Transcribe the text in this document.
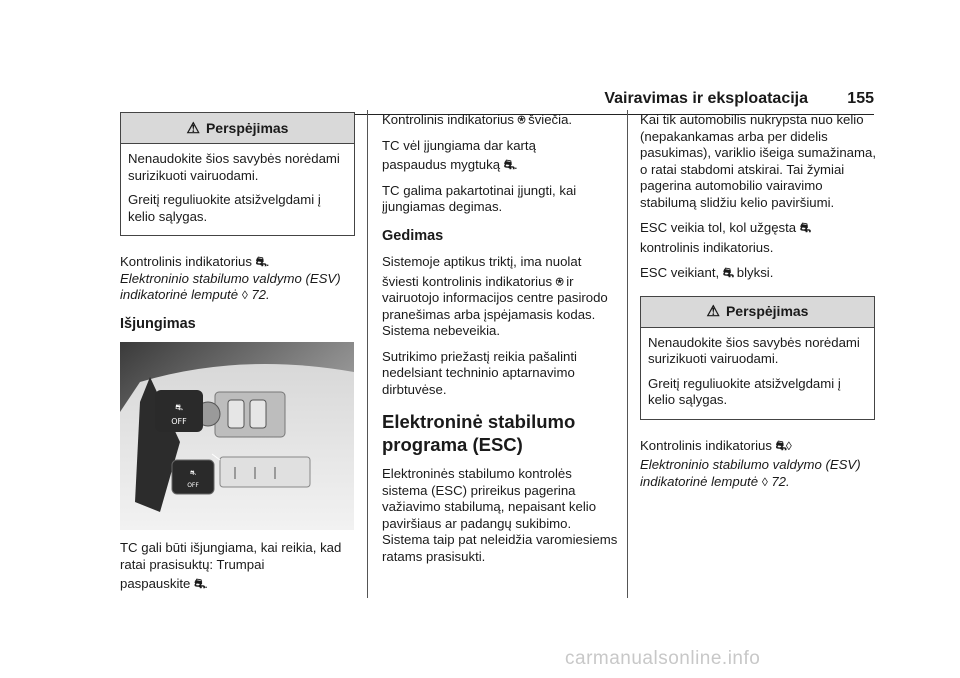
Vairavimas ir eksploatacija 155
⚠ Perspėjimas

Nenaudokite šios savybės norėdami surizikuoti vairuodami.

Greitį reguliuokite atsižvelgdami į kelio sąlygas.

Kontrolinis indikatorius ⛐.

Elektroninio stabilumo valdymo (ESV) indikatorinė lemputė ◊ 72.

Išjungimas
⛐
OFF
⛐
OFF

TC gali būti išjungiama, kai reikia, kad ratai prasisuktų: Trumpai

paspauskite ⛐.

Kontrolinis indikatorius ⍟ šviečia.

TC vėl įjungiama dar kartą

paspaudus mygtuką ⛐.

TC galima pakartotinai įjungti, kai įjungiamas degimas.

Gedimas

Sistemoje aptikus triktį, ima nuolat

šviesti kontrolinis indikatorius ⍟ ir vairuotojo informacijos centre pasirodo pranešimas arba įspėjamasis kodas. Sistema nebeveikia.

Sutrikimo priežastį reikia pašalinti nedelsiant techninio aptarnavimo dirbtuvėse.

Elektroninė stabilumo programa (ESC)

Elektroninės stabilumo kontrolės sistema (ESC) prireikus pagerina važiavimo stabilumą, nepaisant kelio paviršiaus ar padangų sukibimo. Sistema taip pat neleidžia varomiesiems ratams prasisukti.

Kai tik automobilis nukrypsta nuo kelio (nepakankamas arba per didelis pasukimas), variklio išeiga sumažinama, o ratai stabdomi atskirai. Tai žymiai pagerina automobilio vairavimo stabilumą slidžiu kelio paviršiumi.

ESC veikia tol, kol užgęsta ⛐

kontrolinis indikatorius.

ESC veikiant, ⛐ blyksi.

⚠ Perspėjimas

Nenaudokite šios savybės norėdami surizikuoti vairuodami.

Greitį reguliuokite atsižvelgdami į kelio sąlygas.

Kontrolinis indikatorius ⛐◊

Elektroninio stabilumo valdymo (ESV) indikatorinė lemputė ◊ 72.

carmanualsonline.info
